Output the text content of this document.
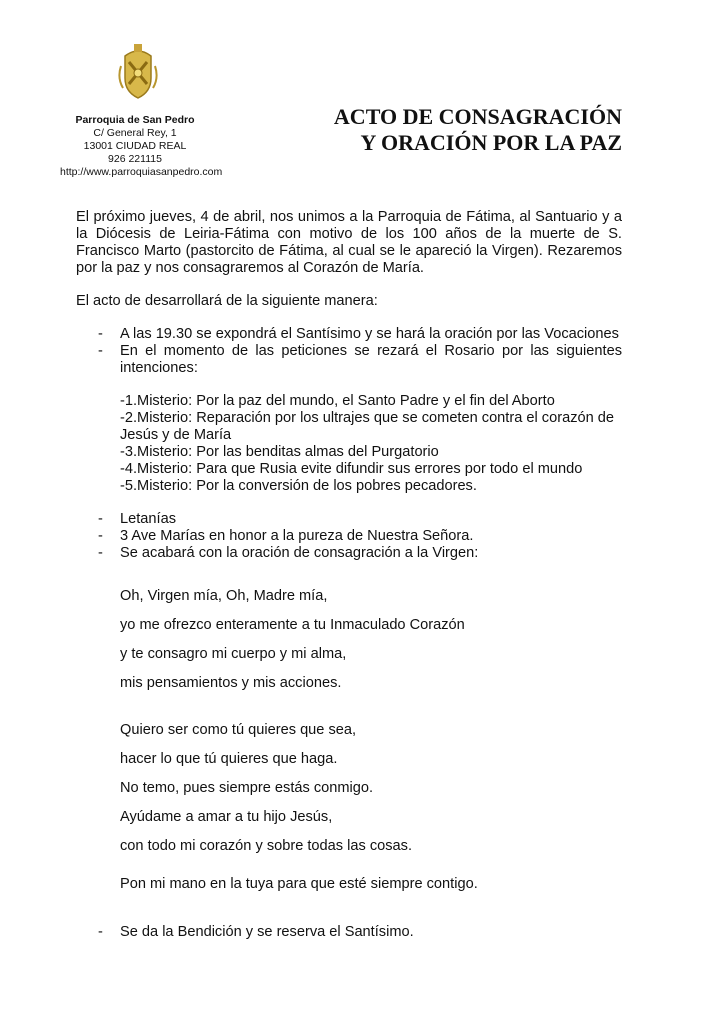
Parroquia de San Pedro
C/ General Rey, 1
13001 CIUDAD REAL
926 221115
http://www.parroquiasanpedro.com
ACTO DE CONSAGRACIÓN
Y ORACIÓN POR LA PAZ

El próximo jueves, 4 de abril, nos unimos a la Parroquia de Fátima, al Santuario y a la Diócesis de Leiria-Fátima con motivo de los 100 años de la muerte de S. Francisco Marto (pastorcito de Fátima, al cual se le apareció la Virgen). Rezaremos por la paz y nos consagraremos al Corazón de María.

El acto de desarrollará de la siguiente manera:

- A las 19.30 se expondrá el Santísimo y se hará la oración por las Vocaciones

- En el momento de las peticiones se rezará el Rosario por las siguientes intenciones:

-1.Misterio: Por la paz del mundo, el Santo Padre y el fin del Aborto

-2.Misterio: Reparación por los ultrajes que se cometen contra el corazón de Jesús y de María

-3.Misterio: Por las benditas almas del Purgatorio

-4.Misterio: Para que Rusia evite difundir sus errores por todo el mundo

-5.Misterio: Por la conversión de los pobres pecadores.

- Letanías

- 3 Ave Marías en honor a la pureza de Nuestra Señora.

- Se acabará con la oración de consagración a la Virgen:

Oh, Virgen mía, Oh, Madre mía,

yo me ofrezco enteramente a tu Inmaculado Corazón

y te consagro mi cuerpo y mi alma,

mis pensamientos y mis acciones.

Quiero ser como tú quieres que sea,

hacer lo que tú quieres que haga.

No temo, pues siempre estás conmigo.

Ayúdame a amar a tu hijo Jesús,

con todo mi corazón y sobre todas las cosas.

Pon mi mano en la tuya para que esté siempre contigo.

- Se da la Bendición y se reserva el Santísimo.
